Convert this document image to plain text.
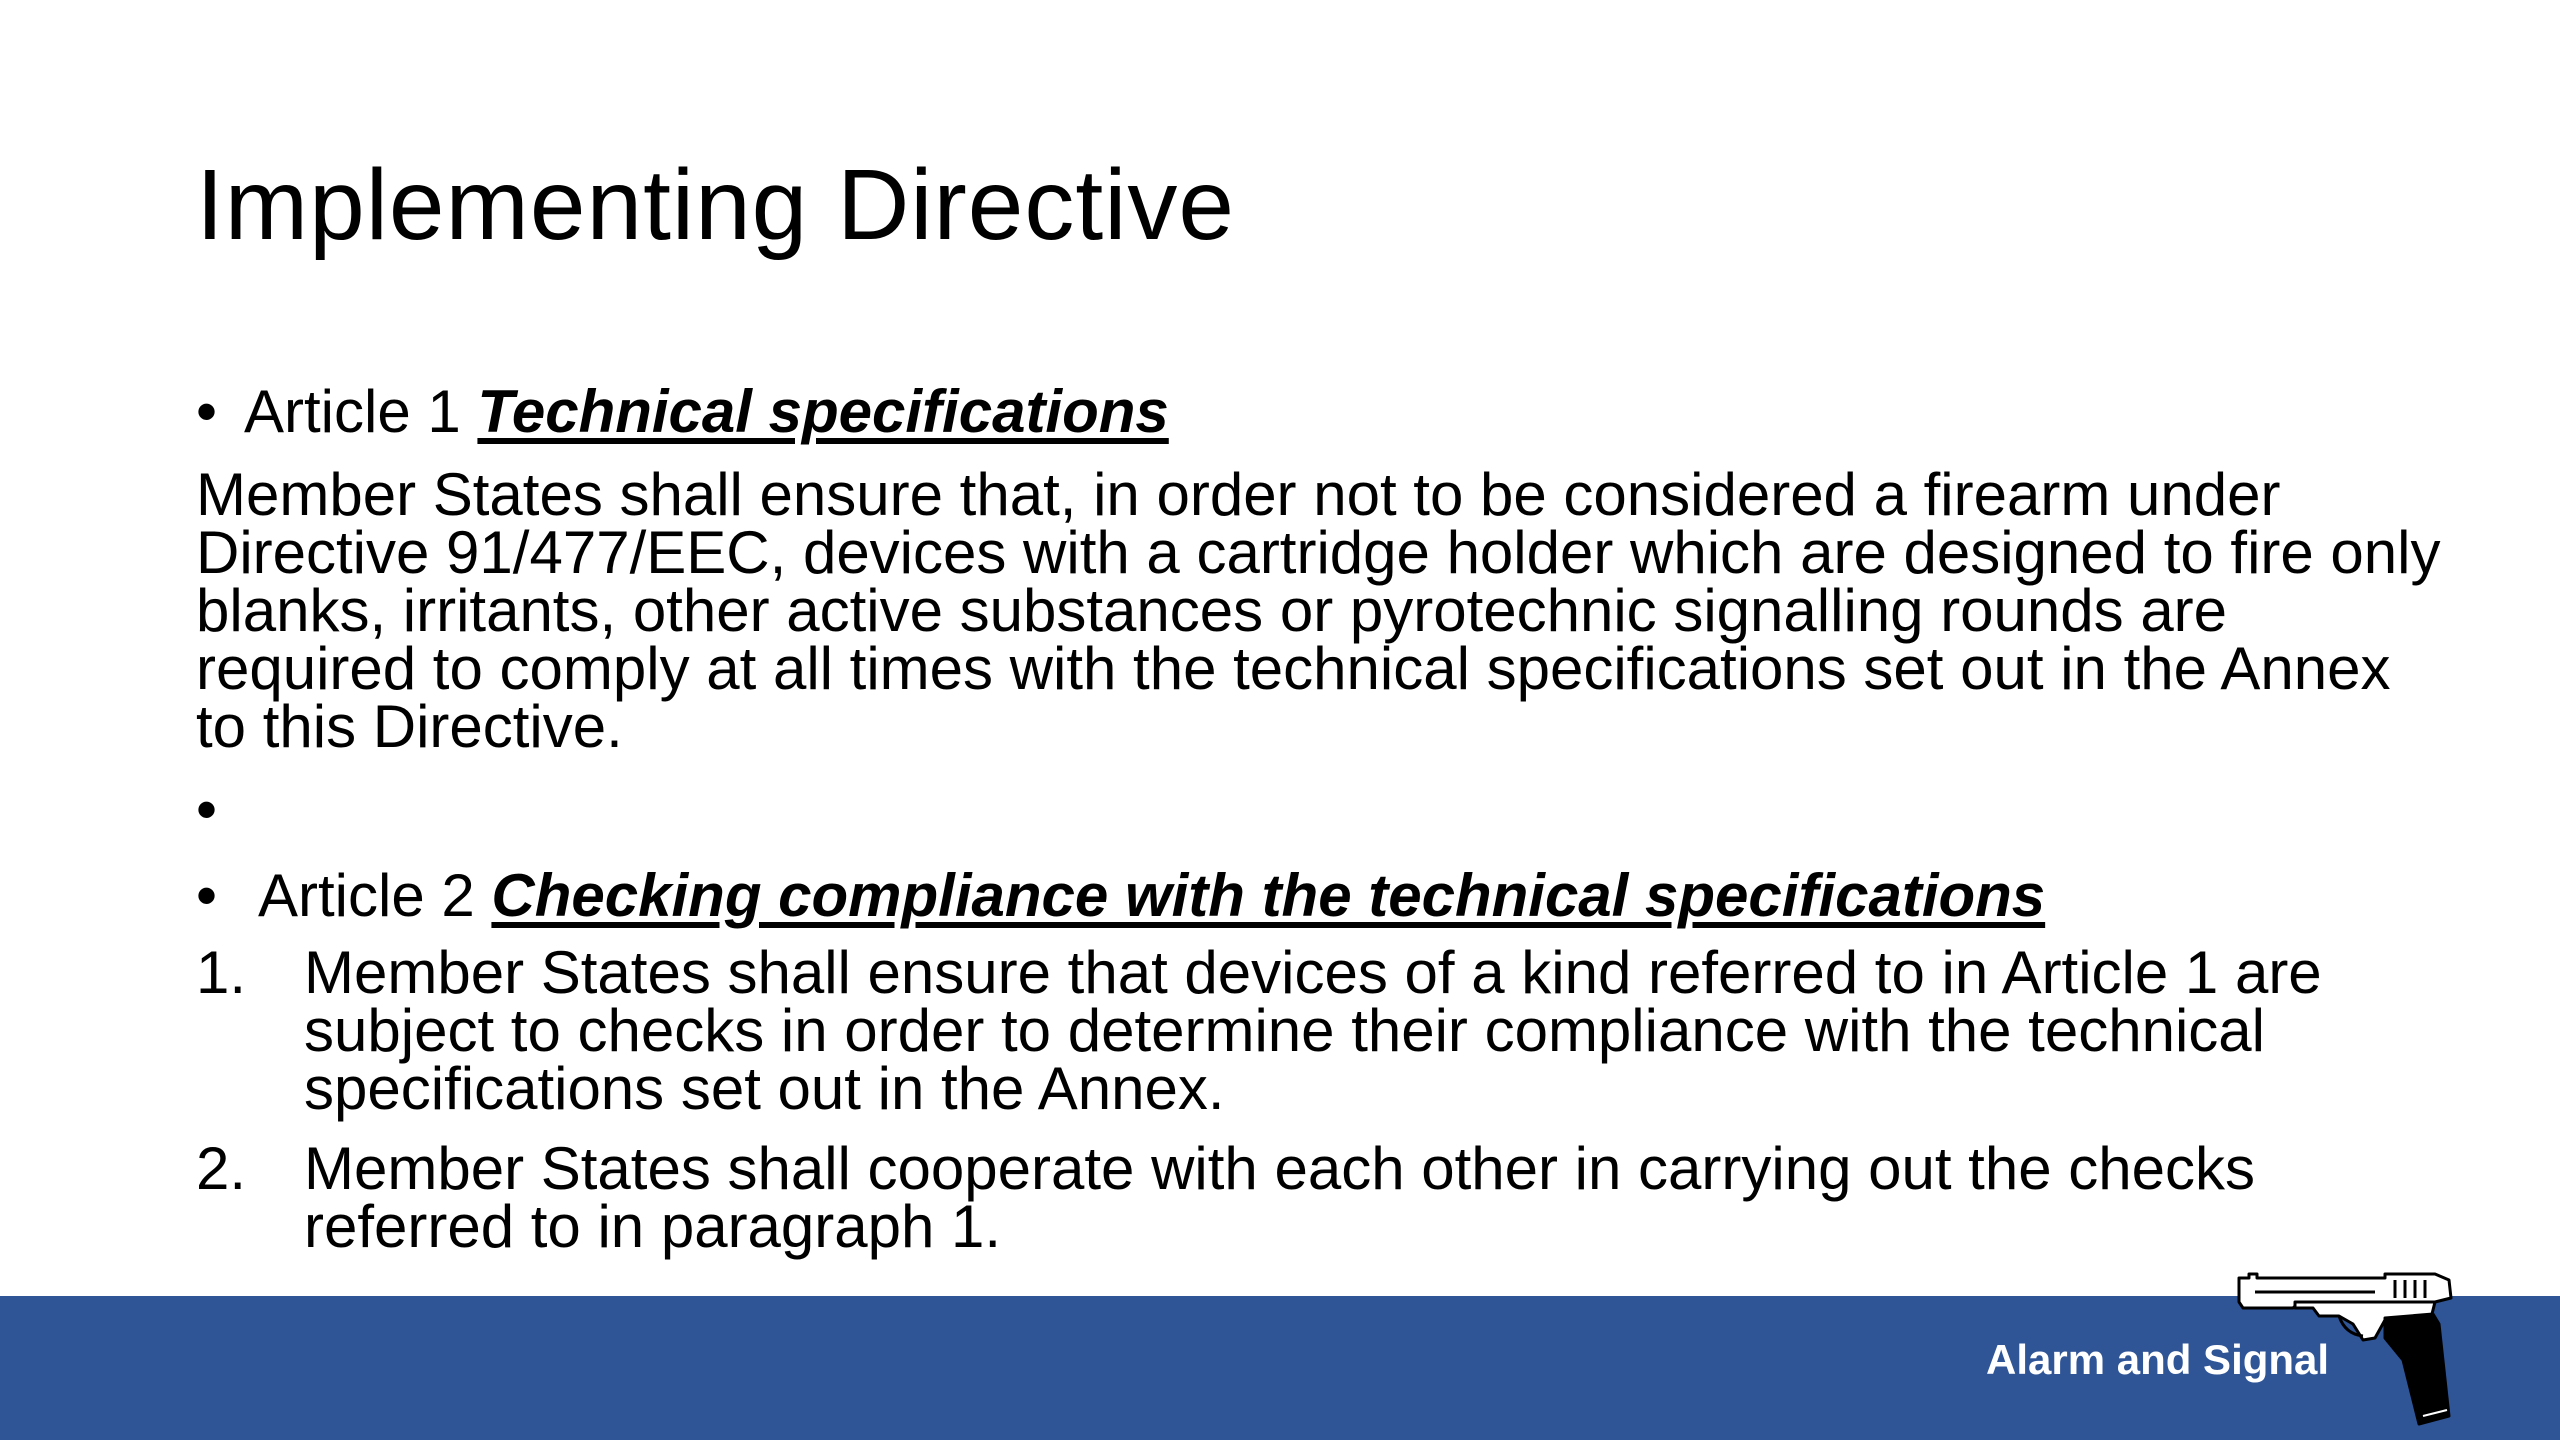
Implementing Directive
• Article 1 Technical specifications
Member States shall ensure that, in order not to be considered a firearm under Directive 91/477/EEC, devices with a cartridge holder which are designed to fire only blanks, irritants, other active substances or pyrotechnic signalling rounds are required to comply at all times with the technical specifications set out in the Annex to this Directive.
•
• Article 2 Checking compliance with the technical specifications
1. Member States shall ensure that devices of a kind referred to in Article 1 are subject to checks in order to determine their compliance with the technical specifications set out in the Annex.
2. Member States shall cooperate with each other in carrying out the checks referred to in paragraph 1.
Alarm and Signal
